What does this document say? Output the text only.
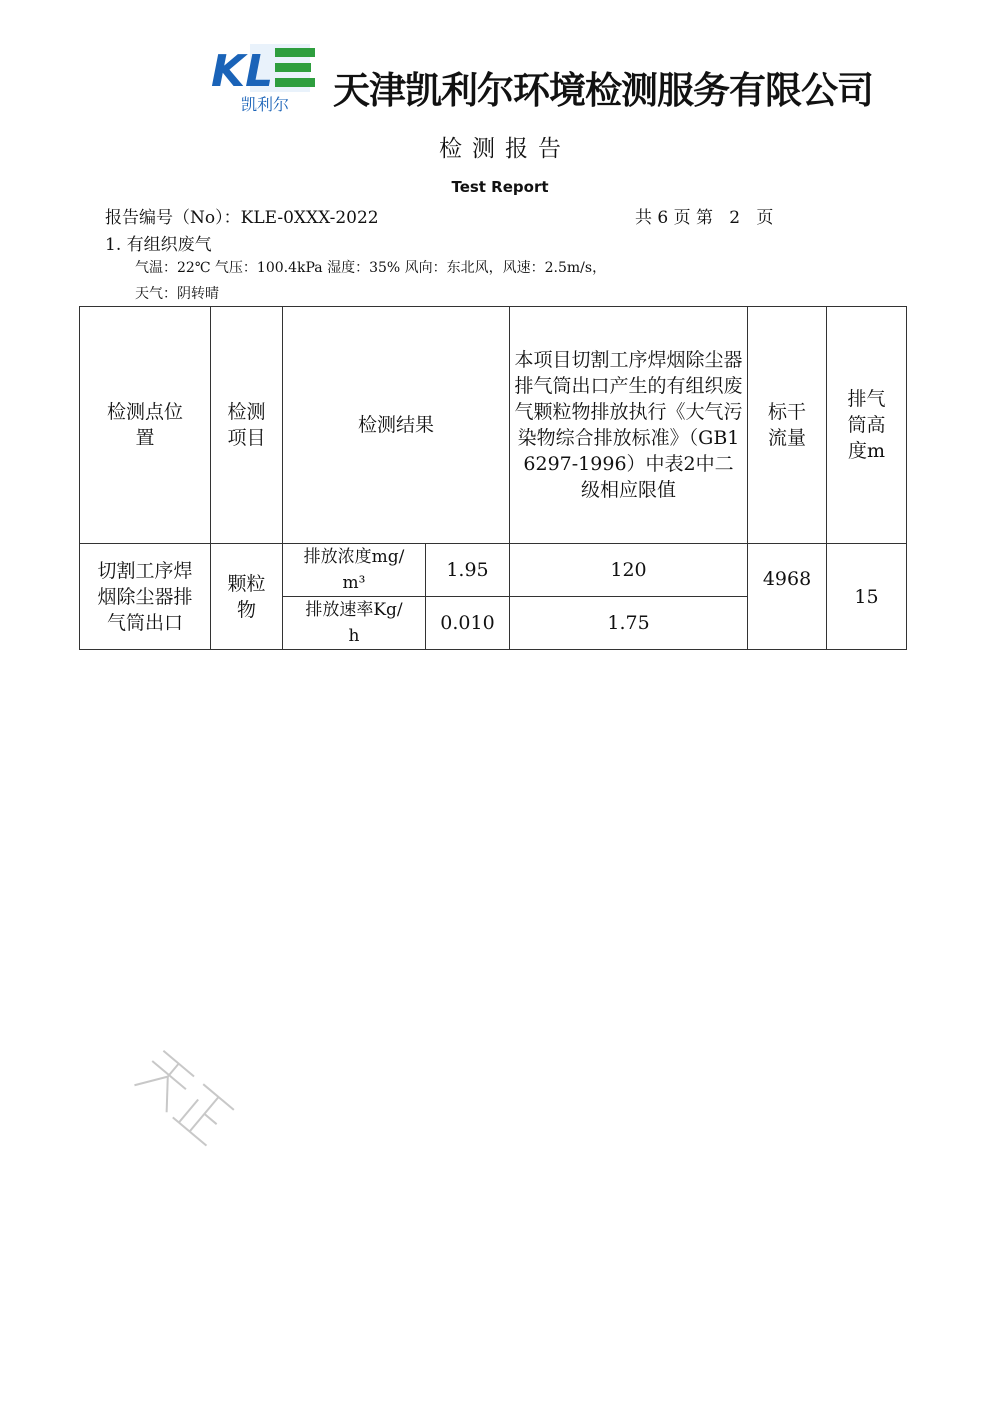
KL
凯利尔 天津凯利尔环境检测服务有限公司
检测报告
Test Report
报告编号（No）：KLE-0XXX-2022	共 6 页 第 2 页
1. 有组织废气
气温：22℃ 气压：100.4kPa 湿度：35% 风向：东北风，风速：2.5m/s，
天气：阴转晴
检测点位置	检测项目	检测结果		本项目切割工序焊烟除尘器排气筒出口产生的有组织废气颗粒物排放执行《大气污染物综合排放标准》（GB16297-1996）中表2中二级相应限值	标干流量	排气筒高度m

切割工序焊烟除尘器排气筒出口	颗粒物	排放浓度mg/m³	1.95	120	4968	15

		排放速率Kg/h	0.010	1.75		
